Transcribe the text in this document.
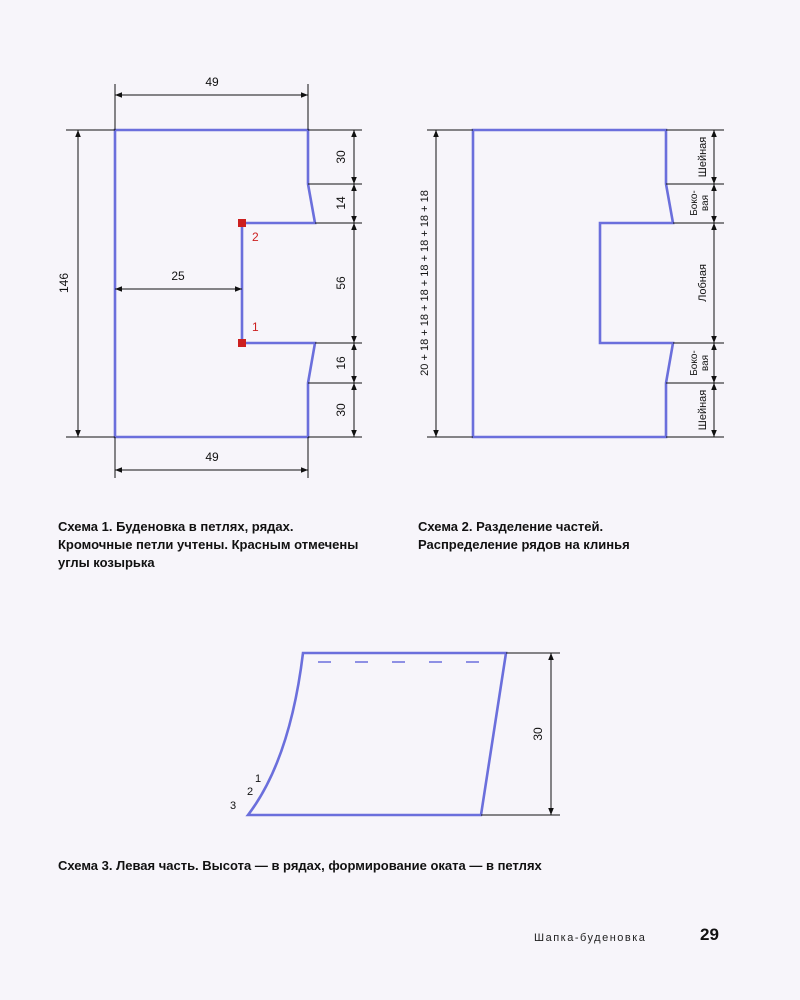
49
49
146	25
30
14
56
16
30
2
1	20 + 18 + 18 + 18 + 18 + 18 + 18 + 18
Шейная
Боко- вая
Лобная
Боко- вая
Шейная
30
1
2
3
Схема 1. Буденовка в петлях, рядах.
Кромочные петли учтены. Красным отмечены
углы козырька
Схема 2. Разделение частей.
Распределение рядов на клинья
Схема 3. Левая часть. Высота — в рядах, формирование оката — в петлях
Шапка-буденовка	29
